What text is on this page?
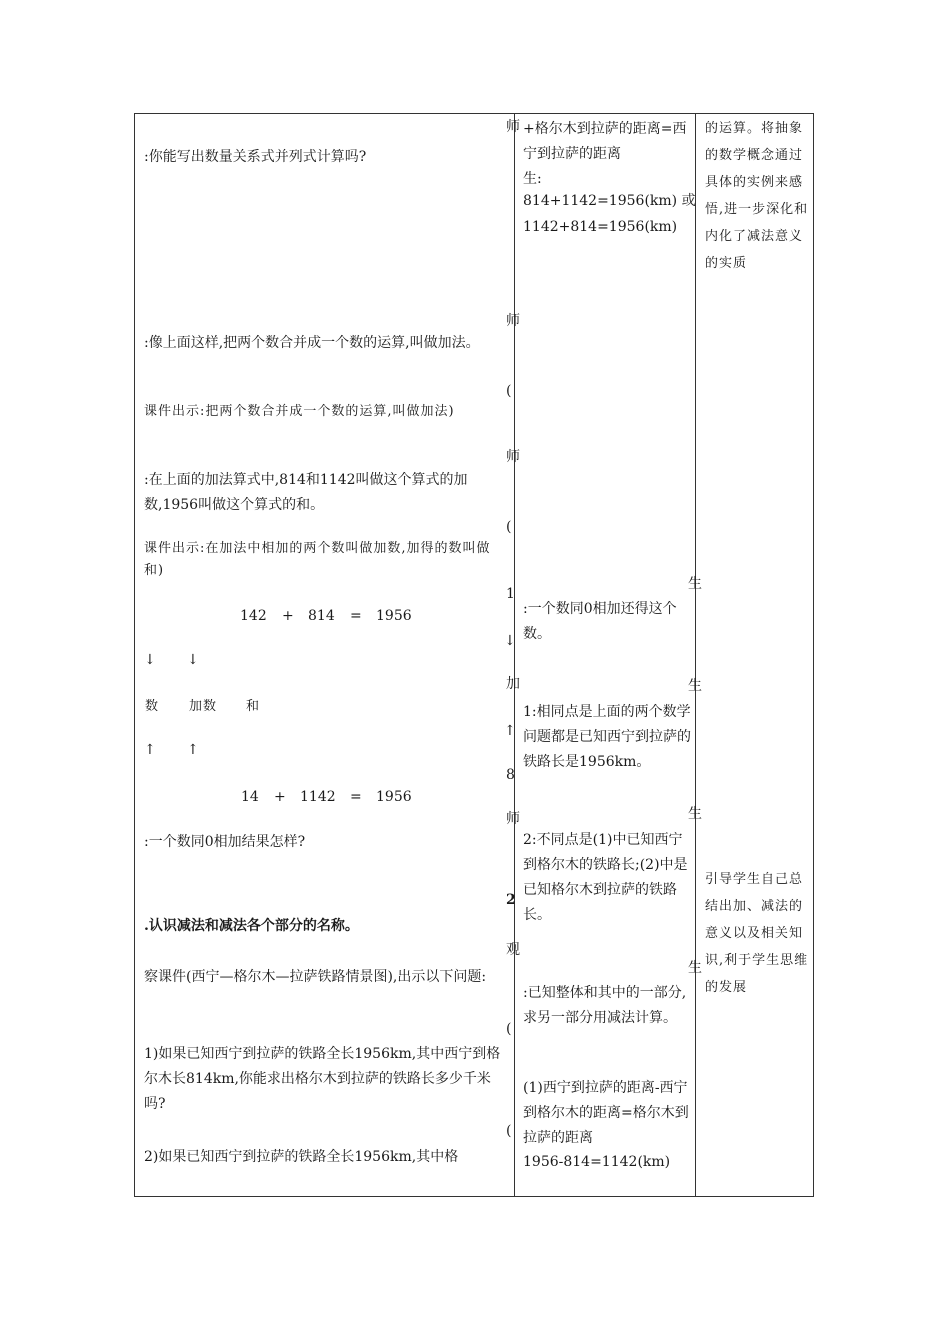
:你能写出数量关系式并列式计算吗?
:像上面这样,把两个数合并成一个数的运算,叫做加法。
课件出示:把两个数合并成一个数的运算,叫做加法)
:在上面的加法算式中,814和1142叫做这个算式的加数,1956叫做这个算式的和。
课件出示:在加法中相加的两个数叫做加数,加得的数叫做和)
142 + 814 = 1956
↓ ↓
数 加数 和
↑ ↑
14 + 1142 = 1956
:一个数同0相加结果怎样?
.认识减法和减法各个部分的名称。
察课件(西宁—格尔木—拉萨铁路情景图),出示以下问题:
1)如果已知西宁到拉萨的铁路全长1956km,其中西宁到格尔木长814km,你能求出格尔木到拉萨的铁路长多少千米吗?
2)如果已知西宁到拉萨的铁路全长1956km,其中格
师
师
(
师
(
1
↓
加
↑
8
师
2
观
(
(
+格尔木到拉萨的距离=西宁到拉萨的距离
生:
814+1142=1956(km) 或
1142+814=1956(km)
:一个数同0相加还得这个数。
1:相同点是上面的两个数学问题都是已知西宁到拉萨的铁路长是1956km。
2:不同点是(1)中已知西宁到格尔木的铁路长;(2)中是已知格尔木到拉萨的铁路长。
:已知整体和其中的一部分,求另一部分用减法计算。
(1)西宁到拉萨的距离-西宁到格尔木的距离=格尔木到拉萨的距离
1956-814=1142(km)
生
生
生
生
的运算。将抽象的数学概念通过具体的实例来感悟,进一步深化和内化了减法意义的实质
引导学生自己总结出加、减法的意义以及相关知识,利于学生思维的发展
